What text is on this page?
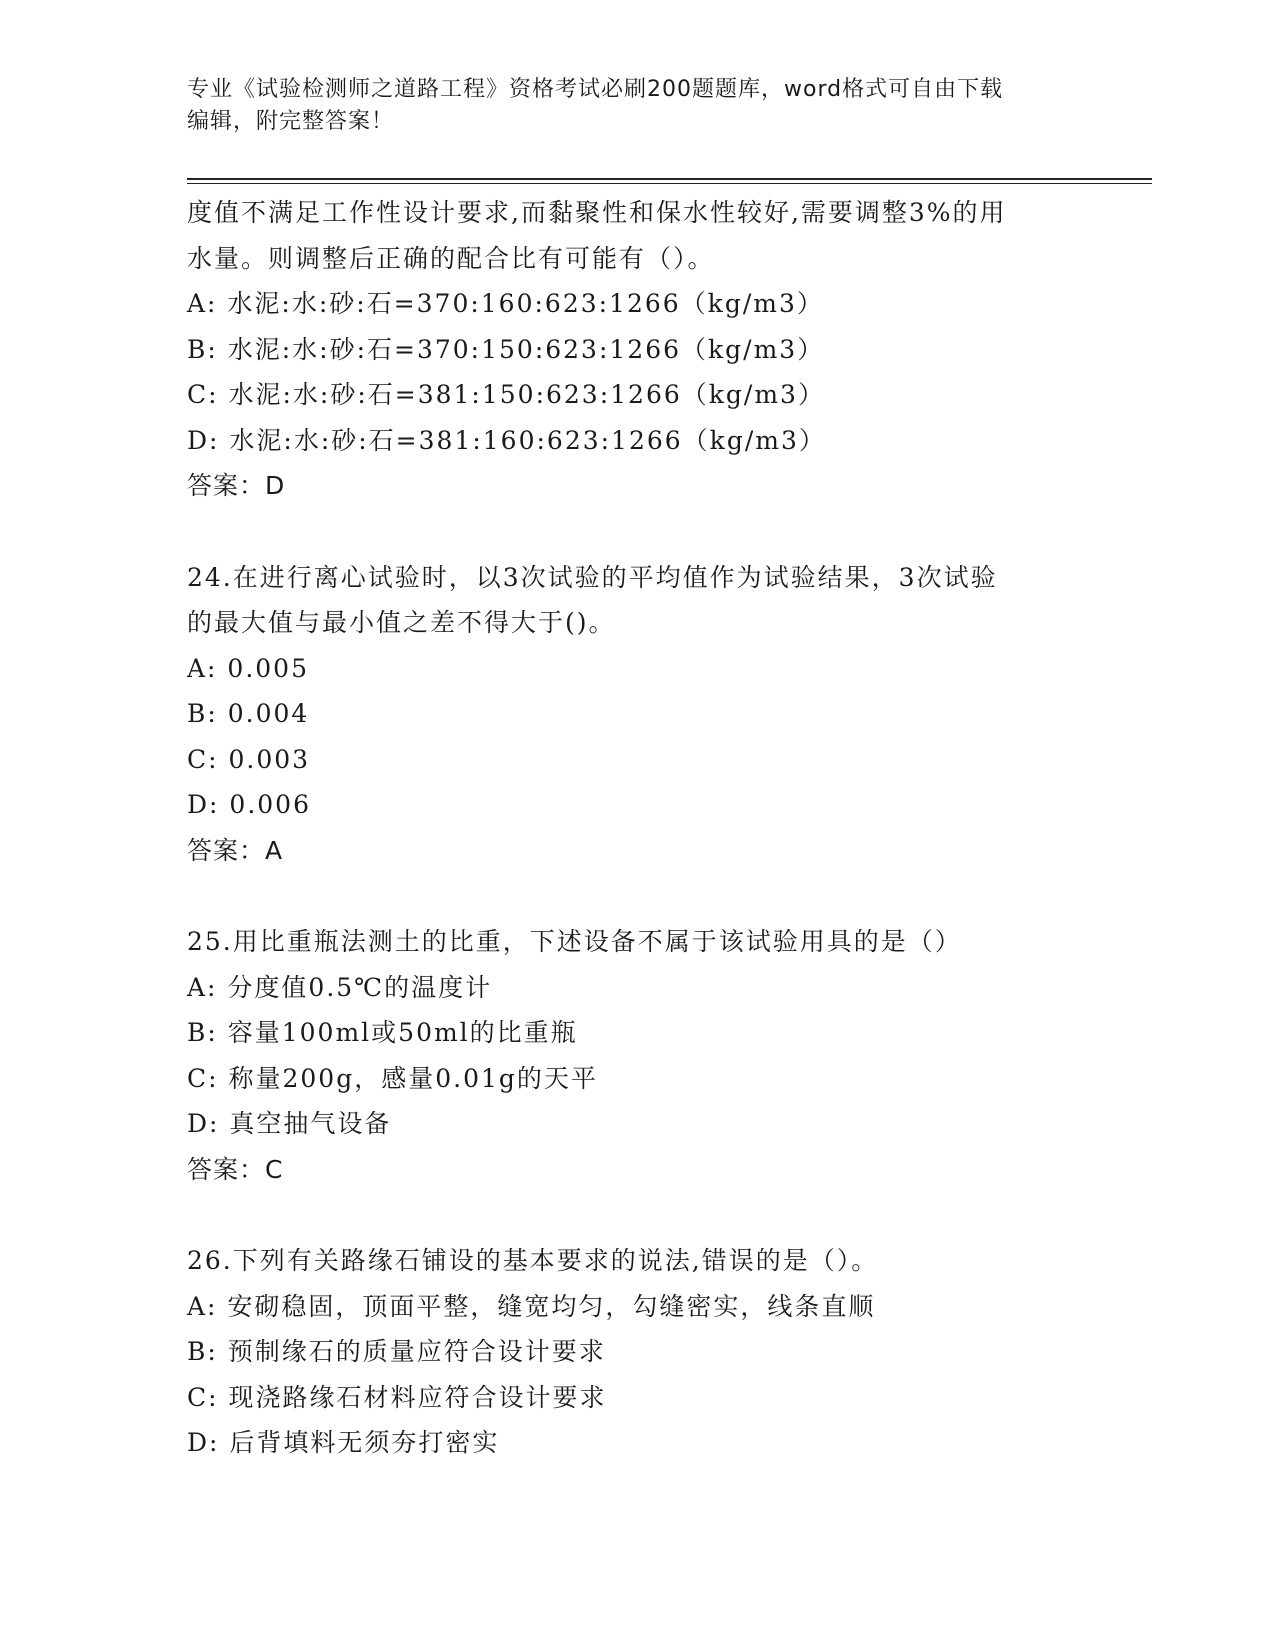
专业《试验检测师之道路工程》资格考试必刷200题题库，word格式可自由下载
编辑，附完整答案！
度值不满足工作性设计要求,而黏聚性和保水性较好,需要调整3%的用
水量。则调整后正确的配合比有可能有（）。
A: 水泥:水:砂:石=370:160:623:1266（kg/m3）
B: 水泥:水:砂:石=370:150:623:1266（kg/m3）
C: 水泥:水:砂:石=381:150:623:1266（kg/m3）
D: 水泥:水:砂:石=381:160:623:1266（kg/m3）
答案：D
24.在进行离心试验时，以3次试验的平均值作为试验结果，3次试验
的最大值与最小值之差不得大于()。
A: 0.005
B: 0.004
C: 0.003
D: 0.006
答案：A
25.用比重瓶法测土的比重，下述设备不属于该试验用具的是（）
A: 分度值0.5℃的温度计
B: 容量100ml或50ml的比重瓶
C: 称量200g，感量0.01g的天平
D: 真空抽气设备
答案：C
26.下列有关路缘石铺设的基本要求的说法,错误的是（）。
A: 安砌稳固，顶面平整，缝宽均匀，勾缝密实，线条直顺
B: 预制缘石的质量应符合设计要求
C: 现浇路缘石材料应符合设计要求
D: 后背填料无须夯打密实
